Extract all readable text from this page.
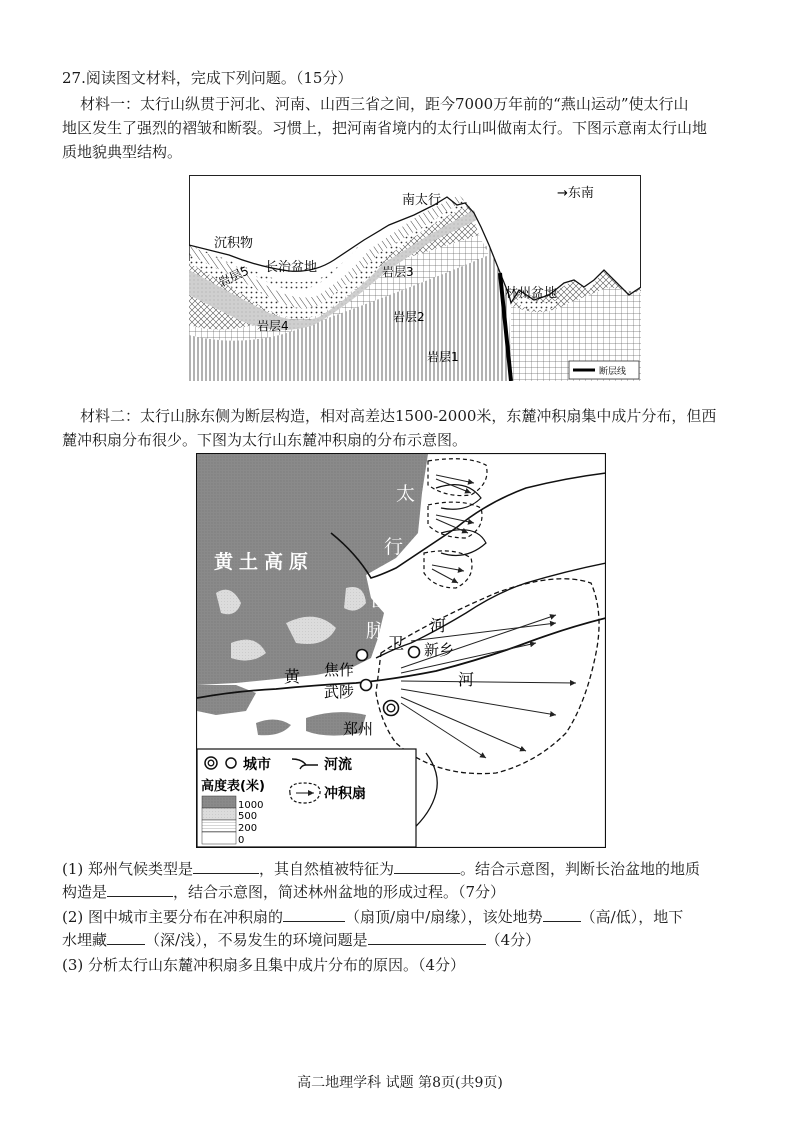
27.阅读图文材料，完成下列问题。（15分）
材料一：太行山纵贯于河北、河南、山西三省之间，距今7000万年前的“燕山运动”使太行山
地区发生了强烈的褶皱和断裂。习惯上，把河南省境内的太行山叫做南太行。下图示意南太行山地
质地貌典型结构。
南太行	→东南
沉积物
长治盆地
岩层5
岩层4
岩层3
岩层2
岩层1
林州盆地
断层线
材料二：太行山脉东侧为断层构造，相对高差达1500-2000米，东麓冲积扇集中成片分布，但西
麓冲积扇分布很少。下图为太行山东麓冲积扇的分布示意图。
黄土高原
太
行
山
脉
卫
河
河
黄 焦作
新乡
武陟
郑州
城市	河流
高度表(米)
1000
500
200
0
冲积扇
(1) 郑州气候类型是	，其自然植被特征为	。结合示意图，判断长治盆地的地质
构造是	，结合示意图，简述林州盆地的形成过程。（7分）
(2) 图中城市主要分布在冲积扇的	（扇顶/扇中/扇缘），该处地势	（高/低），地下
水埋藏	（深/浅），不易发生的环境问题是	（4分）
(3) 分析太行山东麓冲积扇多且集中成片分布的原因。（4分）
高二地理学科 试题 第8页(共9页)
